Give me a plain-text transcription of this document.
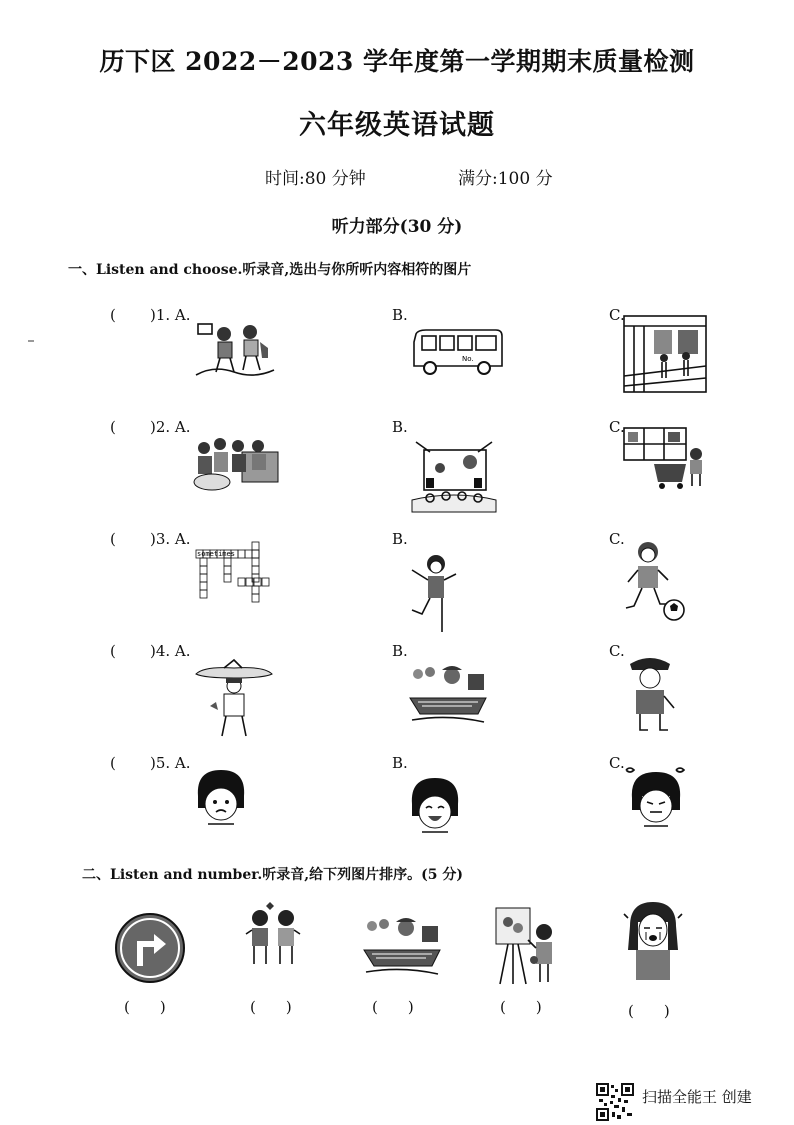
历下区 2022－2023 学年度第一学期期末质量检测
六年级英语试题
时间:80 分钟	满分:100 分
听力部分(30 分)
一、Listen and choose.听录音,选出与你所听内容相符的图片
( )1. A.	B.	C.
No.
( )2. A.	B.	C.
( )3. A.	B.	C.
sometimes
( )4. A.	B.	C.
( )5. A.	B.	C.
二、Listen and number.听录音,给下列图片排序。(5 分)
(　　)	(　　)	(　　)	(　　)	(　　)
扫描全能王 创建
